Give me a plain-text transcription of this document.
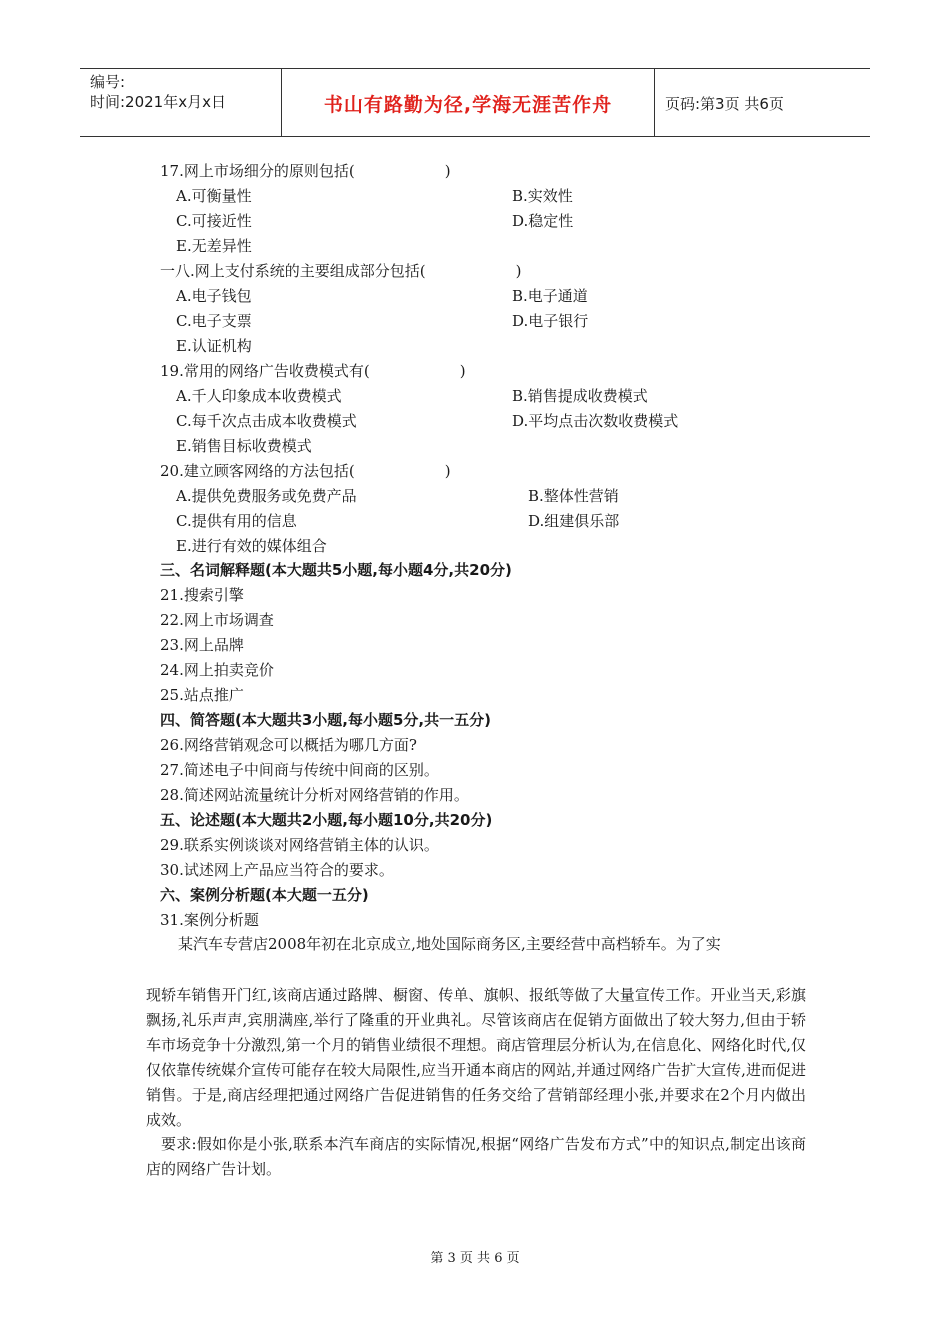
编号:
时间:2021年x月x日	书山有路勤为径,学海无涯苦作舟	页码:第3页 共6页
17.网上市场细分的原则包括(　　　　　　)
A.可衡量性	B.实效性
C.可接近性	D.稳定性
E.无差异性
一八.网上支付系统的主要组成部分包括(　　　　　　)
A.电子钱包	B.电子通道
C.电子支票	D.电子银行
E.认证机构
19.常用的网络广告收费模式有(　　　　　　)
A.千人印象成本收费模式	B.销售提成收费模式
C.每千次点击成本收费模式	D.平均点击次数收费模式
E.销售目标收费模式
20.建立顾客网络的方法包括(　　　　　　)
A.提供免费服务或免费产品	B.整体性营销
C.提供有用的信息	D.组建俱乐部
E.进行有效的媒体组合
三、名词解释题(本大题共5小题,每小题4分,共20分)
21.搜索引擎
22.网上市场调查
23.网上品牌
24.网上拍卖竞价
25.站点推广
四、简答题(本大题共3小题,每小题5分,共一五分)
26.网络营销观念可以概括为哪几方面?
27.简述电子中间商与传统中间商的区别。
28.简述网站流量统计分析对网络营销的作用。
五、论述题(本大题共2小题,每小题10分,共20分)
29.联系实例谈谈对网络营销主体的认识。
30.试述网上产品应当符合的要求。
六、案例分析题(本大题一五分)
31.案例分析题
某汽车专营店2008年初在北京成立,地处国际商务区,主要经营中高档轿车。为了实
现轿车销售开门红,该商店通过路牌、橱窗、传单、旗帜、报纸等做了大量宣传工作。开业当天,彩旗飘扬,礼乐声声,宾朋满座,举行了隆重的开业典礼。尽管该商店在促销方面做出了较大努力,但由于轿车市场竞争十分激烈,第一个月的销售业绩很不理想。商店管理层分析认为,在信息化、网络化时代,仅仅依靠传统媒介宣传可能存在较大局限性,应当开通本商店的网站,并通过网络广告扩大宣传,进而促进销售。于是,商店经理把通过网络广告促进销售的任务交给了营销部经理小张,并要求在2个月内做出成效。
要求:假如你是小张,联系本汽车商店的实际情况,根据“网络广告发布方式”中的知识点,制定出该商店的网络广告计划。
第 3 页 共 6 页
